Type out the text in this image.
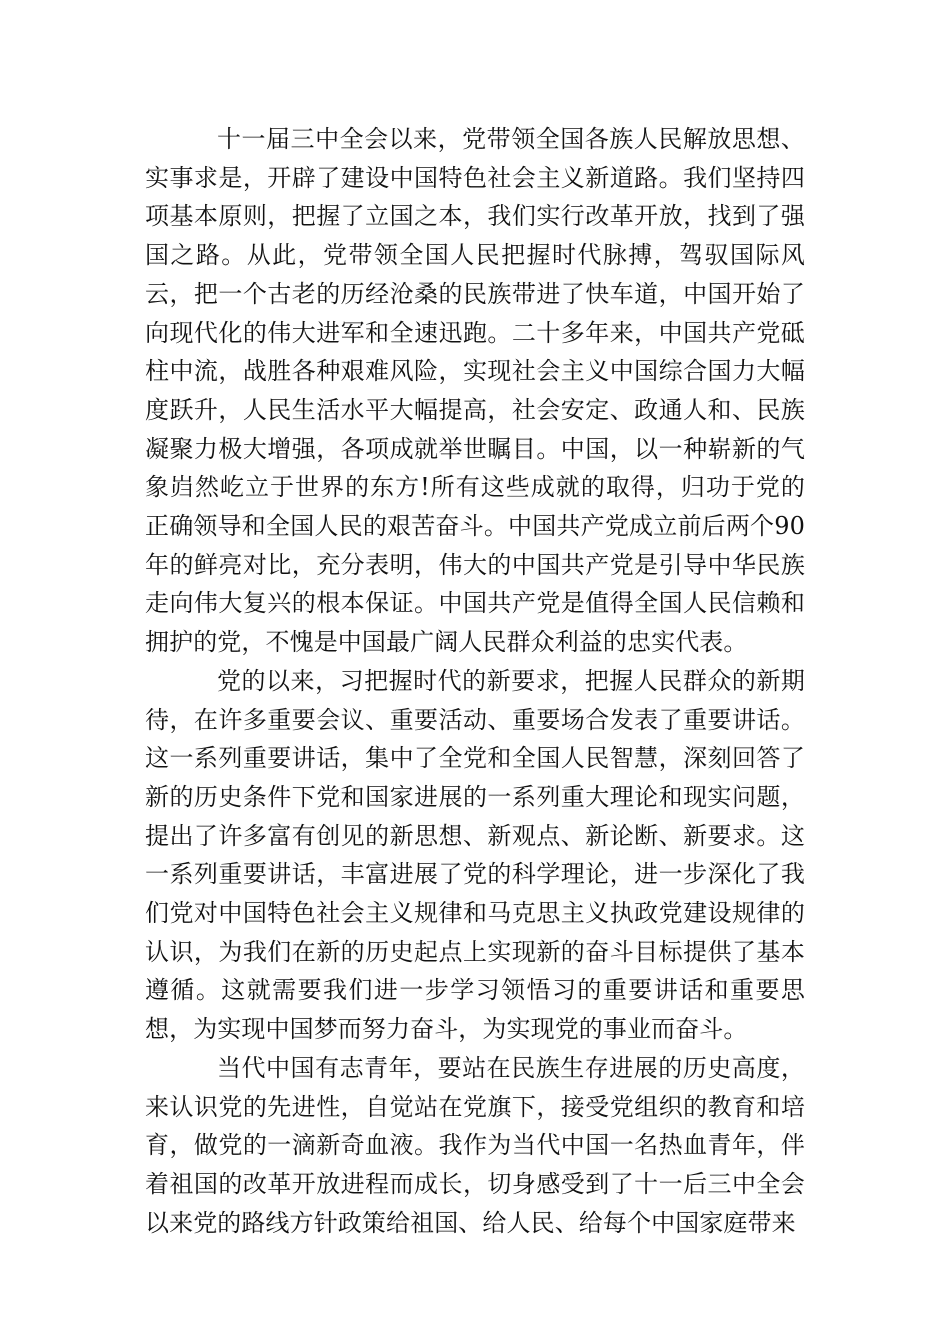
十一届三中全会以来，党带领全国各族人民解放思想、实事求是，开辟了建设中国特色社会主义新道路。我们坚持四项基本原则，把握了立国之本，我们实行改革开放，找到了强国之路。从此，党带领全国人民把握时代脉搏，驾驭国际风云，把一个古老的历经沧桑的民族带进了快车道，中国开始了向现代化的伟大进军和全速迅跑。二十多年来，中国共产党砥柱中流，战胜各种艰难风险，实现社会主义中国综合国力大幅度跃升，人民生活水平大幅提高，社会安定、政通人和、民族凝聚力极大增强，各项成就举世瞩目。中国，以一种崭新的气象岿然屹立于世界的东方!所有这些成就的取得，归功于党的正确领导和全国人民的艰苦奋斗。中国共产党成立前后两个90年的鲜亮对比，充分表明，伟大的中国共产党是引导中华民族走向伟大复兴的根本保证。中国共产党是值得全国人民信赖和拥护的党，不愧是中国最广阔人民群众利益的忠实代表。

党的以来，习把握时代的新要求，把握人民群众的新期待，在许多重要会议、重要活动、重要场合发表了重要讲话。这一系列重要讲话，集中了全党和全国人民智慧，深刻回答了新的历史条件下党和国家进展的一系列重大理论和现实问题，提出了许多富有创见的新思想、新观点、新论断、新要求。这一系列重要讲话，丰富进展了党的科学理论，进一步深化了我们党对中国特色社会主义规律和马克思主义执政党建设规律的认识，为我们在新的历史起点上实现新的奋斗目标提供了基本遵循。这就需要我们进一步学习领悟习的重要讲话和重要思想，为实现中国梦而努力奋斗，为实现党的事业而奋斗。

当代中国有志青年，要站在民族生存进展的历史高度，来认识党的先进性，自觉站在党旗下，接受党组织的教育和培育，做党的一滴新奇血液。我作为当代中国一名热血青年，伴着祖国的改革开放进程而成长，切身感受到了十一后三中全会以来党的路线方针政策给祖国、给人民、给每个中国家庭带来
